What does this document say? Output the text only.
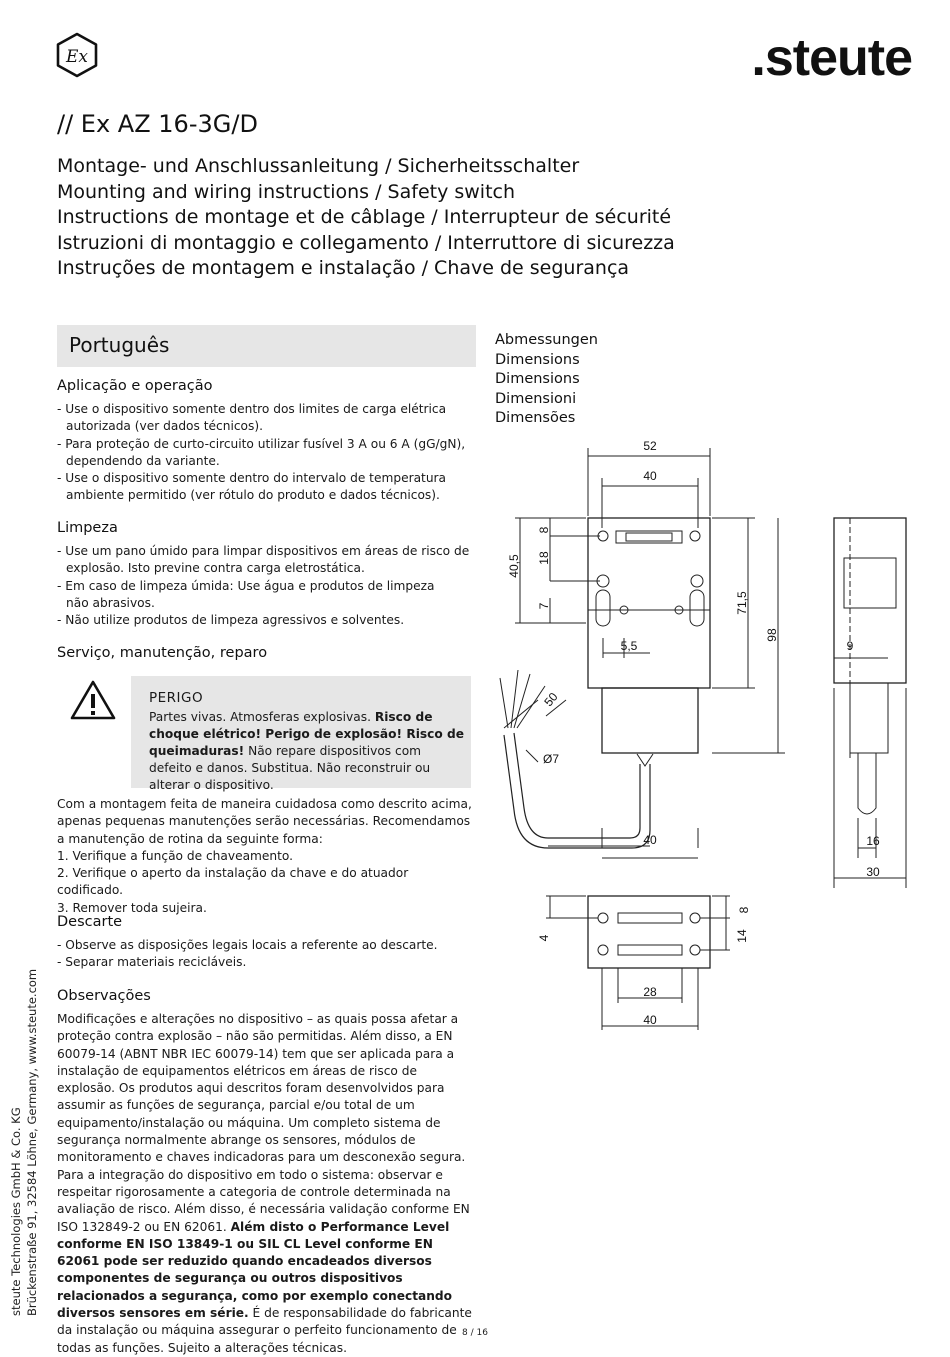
Ex	.steute
// Ex AZ 16-3G/D
Montage- und Anschlussanleitung / Sicherheitsschalter
Mounting and wiring instructions / Safety switch
Instructions de montage et de câblage / Interrupteur de sécurité
Istruzioni di montaggio e collegamento / Interruttore di sicurezza
Instruções de montagem e instalação / Chave de segurança
Português
Aplicação e operação

- Use o dispositivo somente dentro dos limites de carga elétrica autorizada (ver dados técnicos).

- Para proteção de curto-circuito utilizar fusível 3 A ou 6 A (gG/gN), dependendo da variante.

- Use o dispositivo somente dentro do intervalo de temperatura ambiente permitido (ver rótulo do produto e dados técnicos).

Limpeza

- Use um pano úmido para limpar dispositivos em áreas de risco de explosão. Isto previne contra carga eletrostática.

- Em caso de limpeza úmida: Use água e produtos de limpeza não abrasivos.

- Não utilize produtos de limpeza agressivos e solventes.

Serviço, manutenção, reparo
PERIGO
Partes vivas. Atmosferas explosivas. Risco de choque elétrico! Perigo de explosão! Risco de queimaduras! Não repare dispositivos com defeito e danos. Substitua. Não reconstruir ou alterar o dispositivo.

Com a montagem feita de maneira cuidadosa como descrito acima, apenas pequenas manutenções serão necessárias. Recomendamos a manutenção de rotina da seguinte forma:

1. Verifique a função de chaveamento.

2. Verifique o aperto da instalação da chave e do atuador codificado.

3. Remover toda sujeira.

Descarte

- Observe as disposições legais locais a referente ao descarte.

- Separar materiais recicláveis.

Observações
Modificações e alterações no dispositivo – as quais possa afetar a proteção contra explosão – não são permitidas. Além disso, a EN 60079-14 (ABNT NBR IEC 60079-14) tem que ser aplicada para a instalação de equipamentos elétricos em áreas de risco de explosão. Os produtos aqui descritos foram desenvolvidos para assumir as funções de segurança, parcial e/ou total de um equipamento/instalação ou máquina. Um completo sistema de segurança normalmente abrange os sensores, módulos de monitoramento e chaves indicadoras para um desconexão segura. Para a integração do dispositivo em todo o sistema: observar e respeitar rigorosamente a categoria de controle determinada na avaliação de risco. Além disso, é necessária validação conforme EN ISO 132849-2 ou EN 62061. Além disto o Performance Level conforme EN ISO 13849-1 ou SIL CL Level conforme EN 62061 pode ser reduzido quando encadeados diversos componentes de segurança ou outros dispositivos relacionados a segurança, como por exemplo conectando diversos sensores em série. É de responsabilidade do fabricante da instalação ou máquina assegurar o perfeito funcionamento de todas as funções. Sujeito a alterações técnicas.
Abmessungen
Dimensions
Dimensions
Dimensioni
Dimensões
52
40
8
18
40,5
7
5,5
71,5
98
50
Ø7
40
9
16
30
8
4	14
28
40
steute Technologies GmbH & Co. KG Brückenstraße 91, 32584 Löhne, Germany, www.steute.com
8 / 16
